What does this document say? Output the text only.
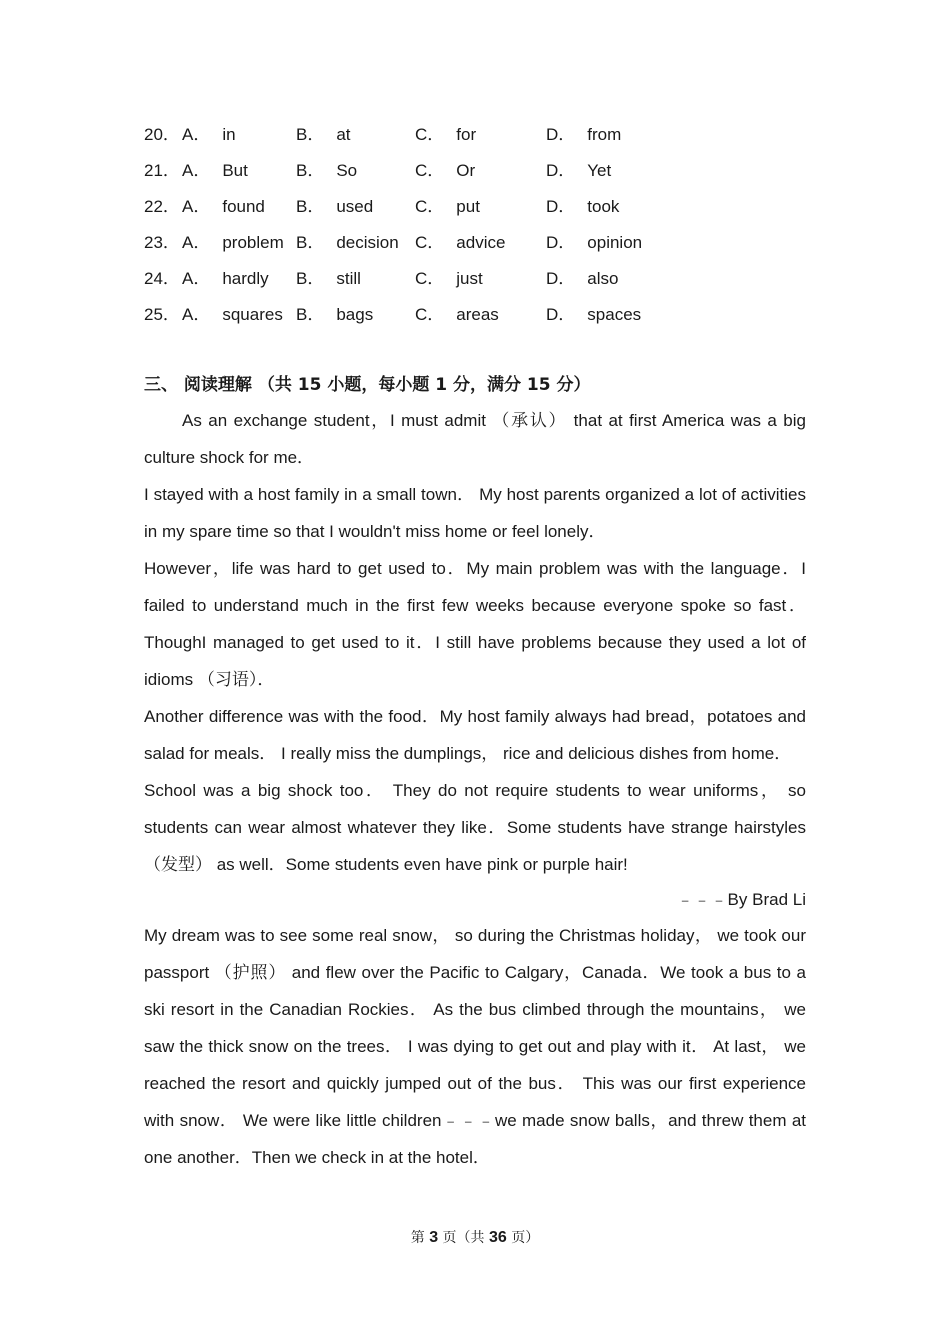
20． A． in	B． at	C． for	D． from
21． A． But	B． So	C． Or	D． Yet
22． A． found B． used C． put	D． took
23． A． problem B． decision C． advice D． opinion
24． A． hardly B． still	C． just	D． also
25． A． squares B． bags C． areas	D． spaces
三、 阅读理解 （共 15 小题，每小题 1 分，满分 15 分）

As an exchange student，I must admit （承认） that at first America was a big culture shock for me．

I stayed with a host family in a small town． My host parents organized a lot of activities in my spare time so that I wouldn't miss home or feel lonely．

However，life was hard to get used to．My main problem was with the language．I failed to understand much in the first few weeks because everyone spoke so fast．ThoughI managed to get used to it．I still have problems because they used a lot of idioms （习语）．

Another difference was with the food．My host family always had bread，potatoes and salad for meals． I really miss the dumplings， rice and delicious dishes from home．

School was a big shock too． They do not require students to wear uniforms， so students can wear almost whatever they like．Some students have strange hairstyles （发型） as well．Some students even have pink or purple hair!

﹣﹣﹣By Brad Li

My dream was to see some real snow， so during the Christmas holiday， we took our passport （护照） and flew over the Pacific to Calgary，Canada．We took a bus to a ski resort in the Canadian Rockies． As the bus climbed through the mountains， we saw the thick snow on the trees． I was dying to get out and play with it． At last， we reached the resort and quickly jumped out of the bus． This was our first experience with snow． We were like little children﹣﹣﹣we made snow balls，and threw them at one another．Then we check in at the hotel．

第 3 页（共 36 页）
